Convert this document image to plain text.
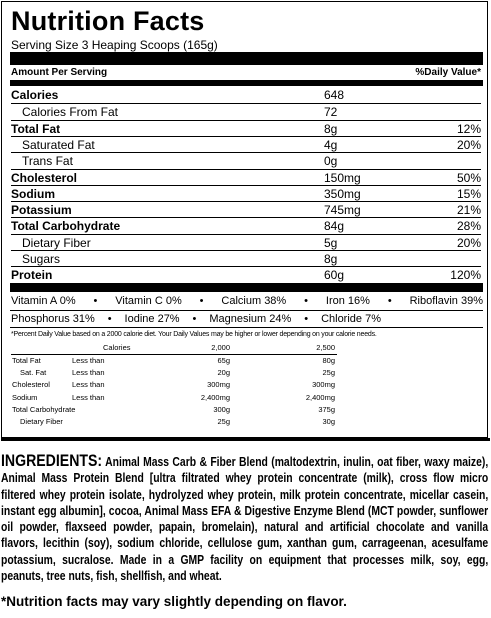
Nutrition Facts
Serving Size 3 Heaping Scoops (165g)
Amount Per Serving	%Daily Value*
Calories	648
Calories From Fat	72
Total Fat	8g	12%
Saturated Fat	4g	20%
Trans Fat	0g
Cholesterol	150mg	50%
Sodium	350mg	15%
Potassium	745mg	21%
Total Carbohydrate	84g	28%
Dietary Fiber	5g	20%
Sugars	8g
Protein	60g	120%
Vitamin A 0% • Vitamin C 0% • Calcium 38% • Iron 16% • Riboflavin 39%
Phosphorus 31% • Iodine 27% • Magnesium 24% • Chloride 7%
*Percent Daily Value based on a 2000 calorie diet. Your Daily Values may be higher or lower depending on your calorie needs.
Calories	2,000	2,500
Total Fat	Less than	65g	80g
Sat. Fat	Less than	20g	25g
Cholesterol	Less than	300mg	300mg
Sodium	Less than	2,400mg	2,400mg
Total Carbohydrate	300g	375g
Dietary Fiber	25g	30g
INGREDIENTS: Animal Mass Carb & Fiber Blend (maltodextrin, inulin, oat fiber, waxy maize), Animal Mass Protein Blend [ultra filtrated whey protein concentrate (milk), cross flow micro filtered whey protein isolate, hydrolyzed whey protein, milk protein concentrate, micellar casein, instant egg albumin], cocoa, Animal Mass EFA & Digestive Enzyme Blend (MCT powder, sunflower oil powder, flaxseed powder, papain, bromelain), natural and artificial chocolate and vanilla flavors, lecithin (soy), sodium chloride, cellulose gum, xanthan gum, carrageenan, acesulfame potassium, sucralose. Made in a GMP facility on equipment that processes milk, soy, egg, peanuts, tree nuts, fish, shellfish, and wheat.
*Nutrition facts may vary slightly depending on flavor.
